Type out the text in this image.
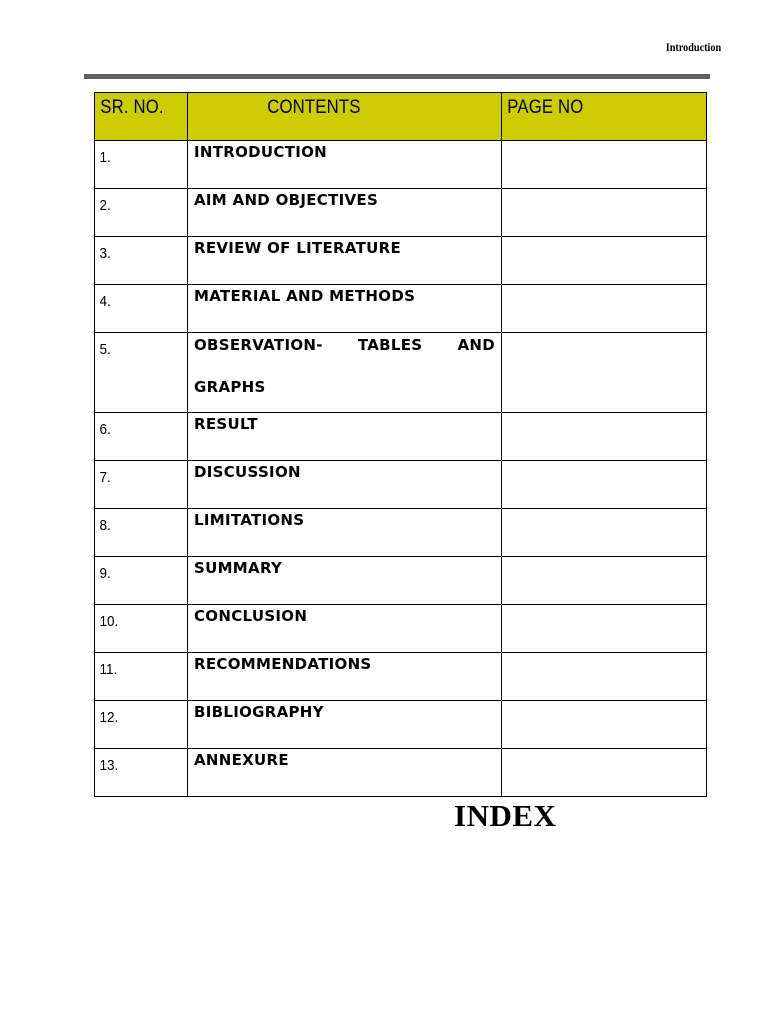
Introduction
SR. NO.	CONTENTS	PAGE NO
1.	INTRODUCTION	

2.	AIM AND OBJECTIVES	

3.	REVIEW OF LITERATURE	

4.	MATERIAL AND METHODS	

5.	OBSERVATION- TABLES AND GRAPHS	

6.	RESULT	

7.	DISCUSSION	

8.	LIMITATIONS	

9.	SUMMARY	

10.	CONCLUSION	

11.	RECOMMENDATIONS	

12.	BIBLIOGRAPHY	

13.	ANNEXURE	

INDEX
